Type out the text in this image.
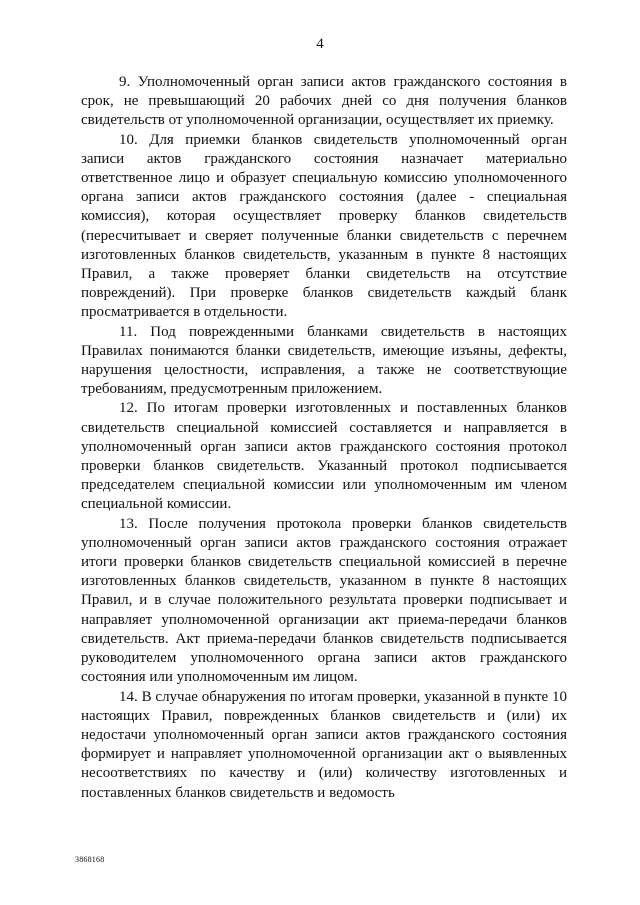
4

9. Уполномоченный орган записи актов гражданского состояния в срок, не превышающий 20 рабочих дней со дня получения бланков свидетельств от уполномоченной организации, осуществляет их приемку.

10. Для приемки бланков свидетельств уполномоченный орган записи актов гражданского состояния назначает материально ответственное лицо и образует специальную комиссию уполномоченного органа записи актов гражданского состояния (далее - специальная комиссия), которая осуществляет проверку бланков свидетельств (пересчитывает и сверяет полученные бланки свидетельств с перечнем изготовленных бланков свидетельств, указанным в пункте 8 настоящих Правил, а также проверяет бланки свидетельств на отсутствие повреждений). При проверке бланков свидетельств каждый бланк просматривается в отдельности.

11. Под поврежденными бланками свидетельств в настоящих Правилах понимаются бланки свидетельств, имеющие изъяны, дефекты, нарушения целостности, исправления, а также не соответствующие требованиям, предусмотренным приложением.

12. По итогам проверки изготовленных и поставленных бланков свидетельств специальной комиссией составляется и направляется в уполномоченный орган записи актов гражданского состояния протокол проверки бланков свидетельств. Указанный протокол подписывается председателем специальной комиссии или уполномоченным им членом специальной комиссии.

13. После получения протокола проверки бланков свидетельств уполномоченный орган записи актов гражданского состояния отражает итоги проверки бланков свидетельств специальной комиссией в перечне изготовленных бланков свидетельств, указанном в пункте 8 настоящих Правил, и в случае положительного результата проверки подписывает и направляет уполномоченной организации акт приема-передачи бланков свидетельств. Акт приема-передачи бланков свидетельств подписывается руководителем уполномоченного органа записи актов гражданского состояния или уполномоченным им лицом.

14. В случае обнаружения по итогам проверки, указанной в пункте 10 настоящих Правил, поврежденных бланков свидетельств и (или) их недостачи уполномоченный орган записи актов гражданского состояния формирует и направляет уполномоченной организации акт о выявленных несоответствиях по качеству и (или) количеству изготовленных и поставленных бланков свидетельств и ведомость

3868168
